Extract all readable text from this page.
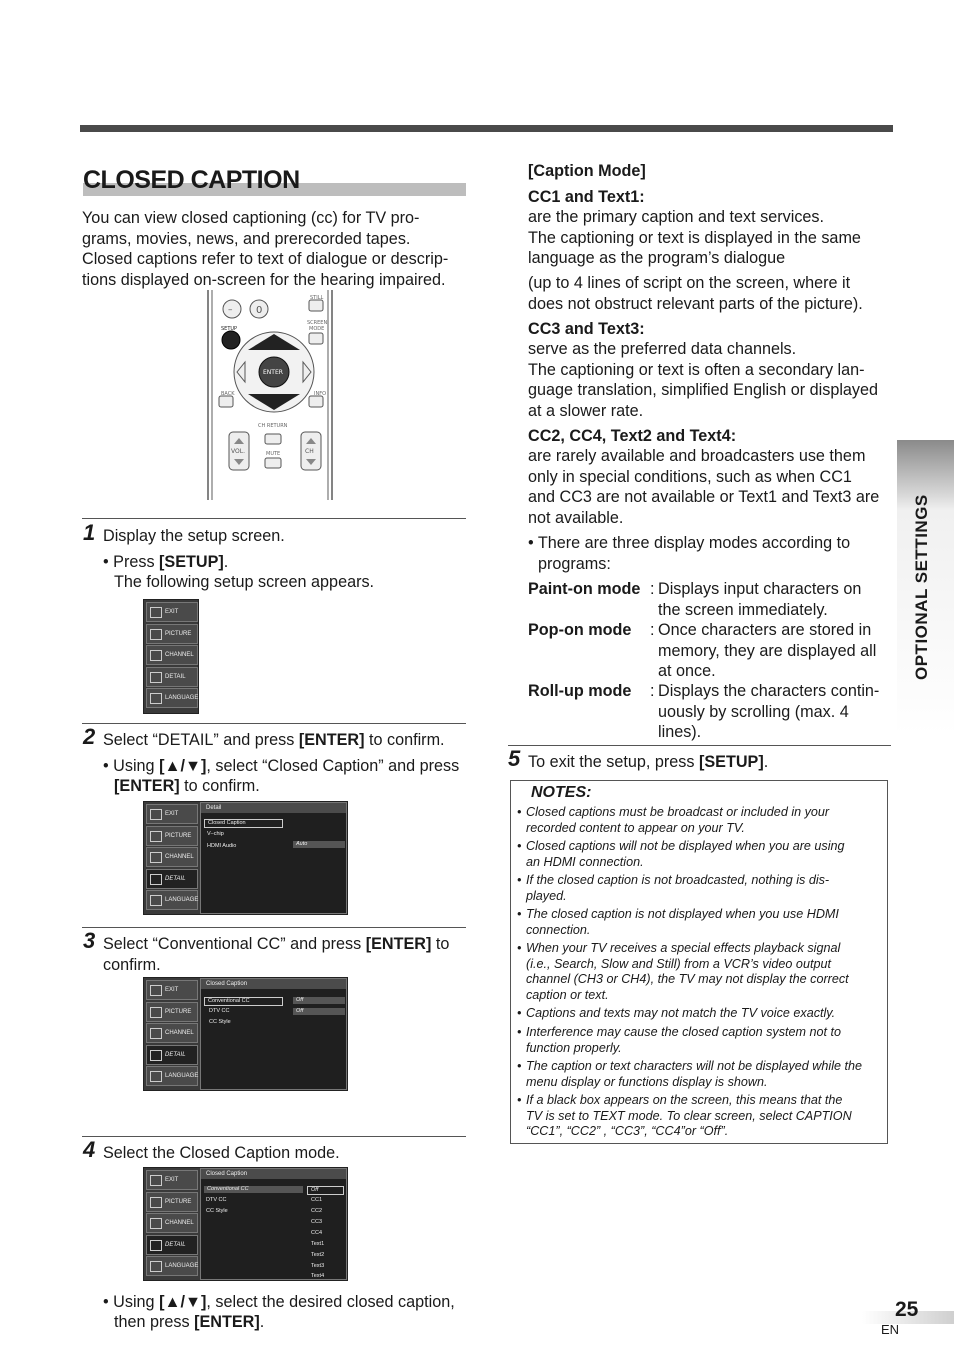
CLOSED CAPTION
You can view closed captioning (cc) for TV pro-
grams, movies, news, and prerecorded tapes.
Closed captions refer to text of dialogue or descrip-
tions displayed on-screen for the hearing impaired.
– 0
STILL
SCREEN
MODE
SETUP
ENTER
BACK	INFO
CH RETURN
VOL.	MUTE	CH
1 Display the setup screen.
• Press [SETUP].
The following setup screen appears.
EXIT
PICTURE
CHANNEL
DETAIL
LANGUAGE
2 Select “DETAIL” and press [ENTER] to confirm.
• Using [▲/▼], select “Closed Caption” and press
[ENTER] to confirm.
EXIT
PICTURE
CHANNEL
DETAIL
LANGUAGE
Detail
Closed Caption
V–chip
HDMI Audio	Auto
3 Select “Conventional CC” and press [ENTER] to
confirm.
EXIT
PICTURE
CHANNEL
DETAIL
LANGUAGE
Closed Caption
Conventional CC
DTV CC
CC Style
Off
Off
4 Select the Closed Caption mode.
EXIT
PICTURE
CHANNEL
DETAIL
LANGUAGE
Closed Caption
Conventional CC
DTV CC
CC Style
Off
CC1
CC2
CC3
CC4
Text1
Text2
Text3
Text4
• Using [▲/▼], select the desired closed caption,
then press [ENTER].
[Caption Mode]
CC1 and Text1:
are the primary caption and text services.
The captioning or text is displayed in the same
language as the program’s dialogue
(up to 4 lines of script on the screen, where it
does not obstruct relevant parts of the picture).
CC3 and Text3:
serve as the preferred data channels.
The captioning or text is often a secondary lan-
guage translation, simplified English or displayed
at a slower rate.
CC2, CC4, Text2 and Text4:
are rarely available and broadcasters use them
only in special conditions, such as when CC1
and CC3 are not available or Text1 and Text3 are
not available.
• There are three display modes according to
programs:
Paint-on mode : Displays input characters on
the screen immediately.
Pop-on mode : Once characters are stored in
memory, they are displayed all
at once.
Roll-up mode : Displays the characters contin-
uously by scrolling (max. 4
lines).
5 To exit the setup, press [SETUP].
NOTES:
• Closed captions must be broadcast or included in your
recorded content to appear on your TV.
• Closed captions will not be displayed when you are using
an HDMI connection.
• If the closed caption is not broadcasted, nothing is dis-
played.
• The closed caption is not displayed when you use HDMI
connection.
• When your TV receives a special effects playback signal
(i.e., Search, Slow and Still) from a VCR’s video output
channel (CH3 or CH4), the TV may not display the correct
caption or text.
• Captions and texts may not match the TV voice exactly.
• Interference may cause the closed caption system not to
function properly.
• The caption or text characters will not be displayed while the
menu display or functions display is shown.
• If a black box appears on the screen, this means that the
TV is set to TEXT mode. To clear screen, select CAPTION
“CC1”, “CC2” , “CC3”, “CC4”or “Off”.
OPTIONAL SETTINGS
25
EN
